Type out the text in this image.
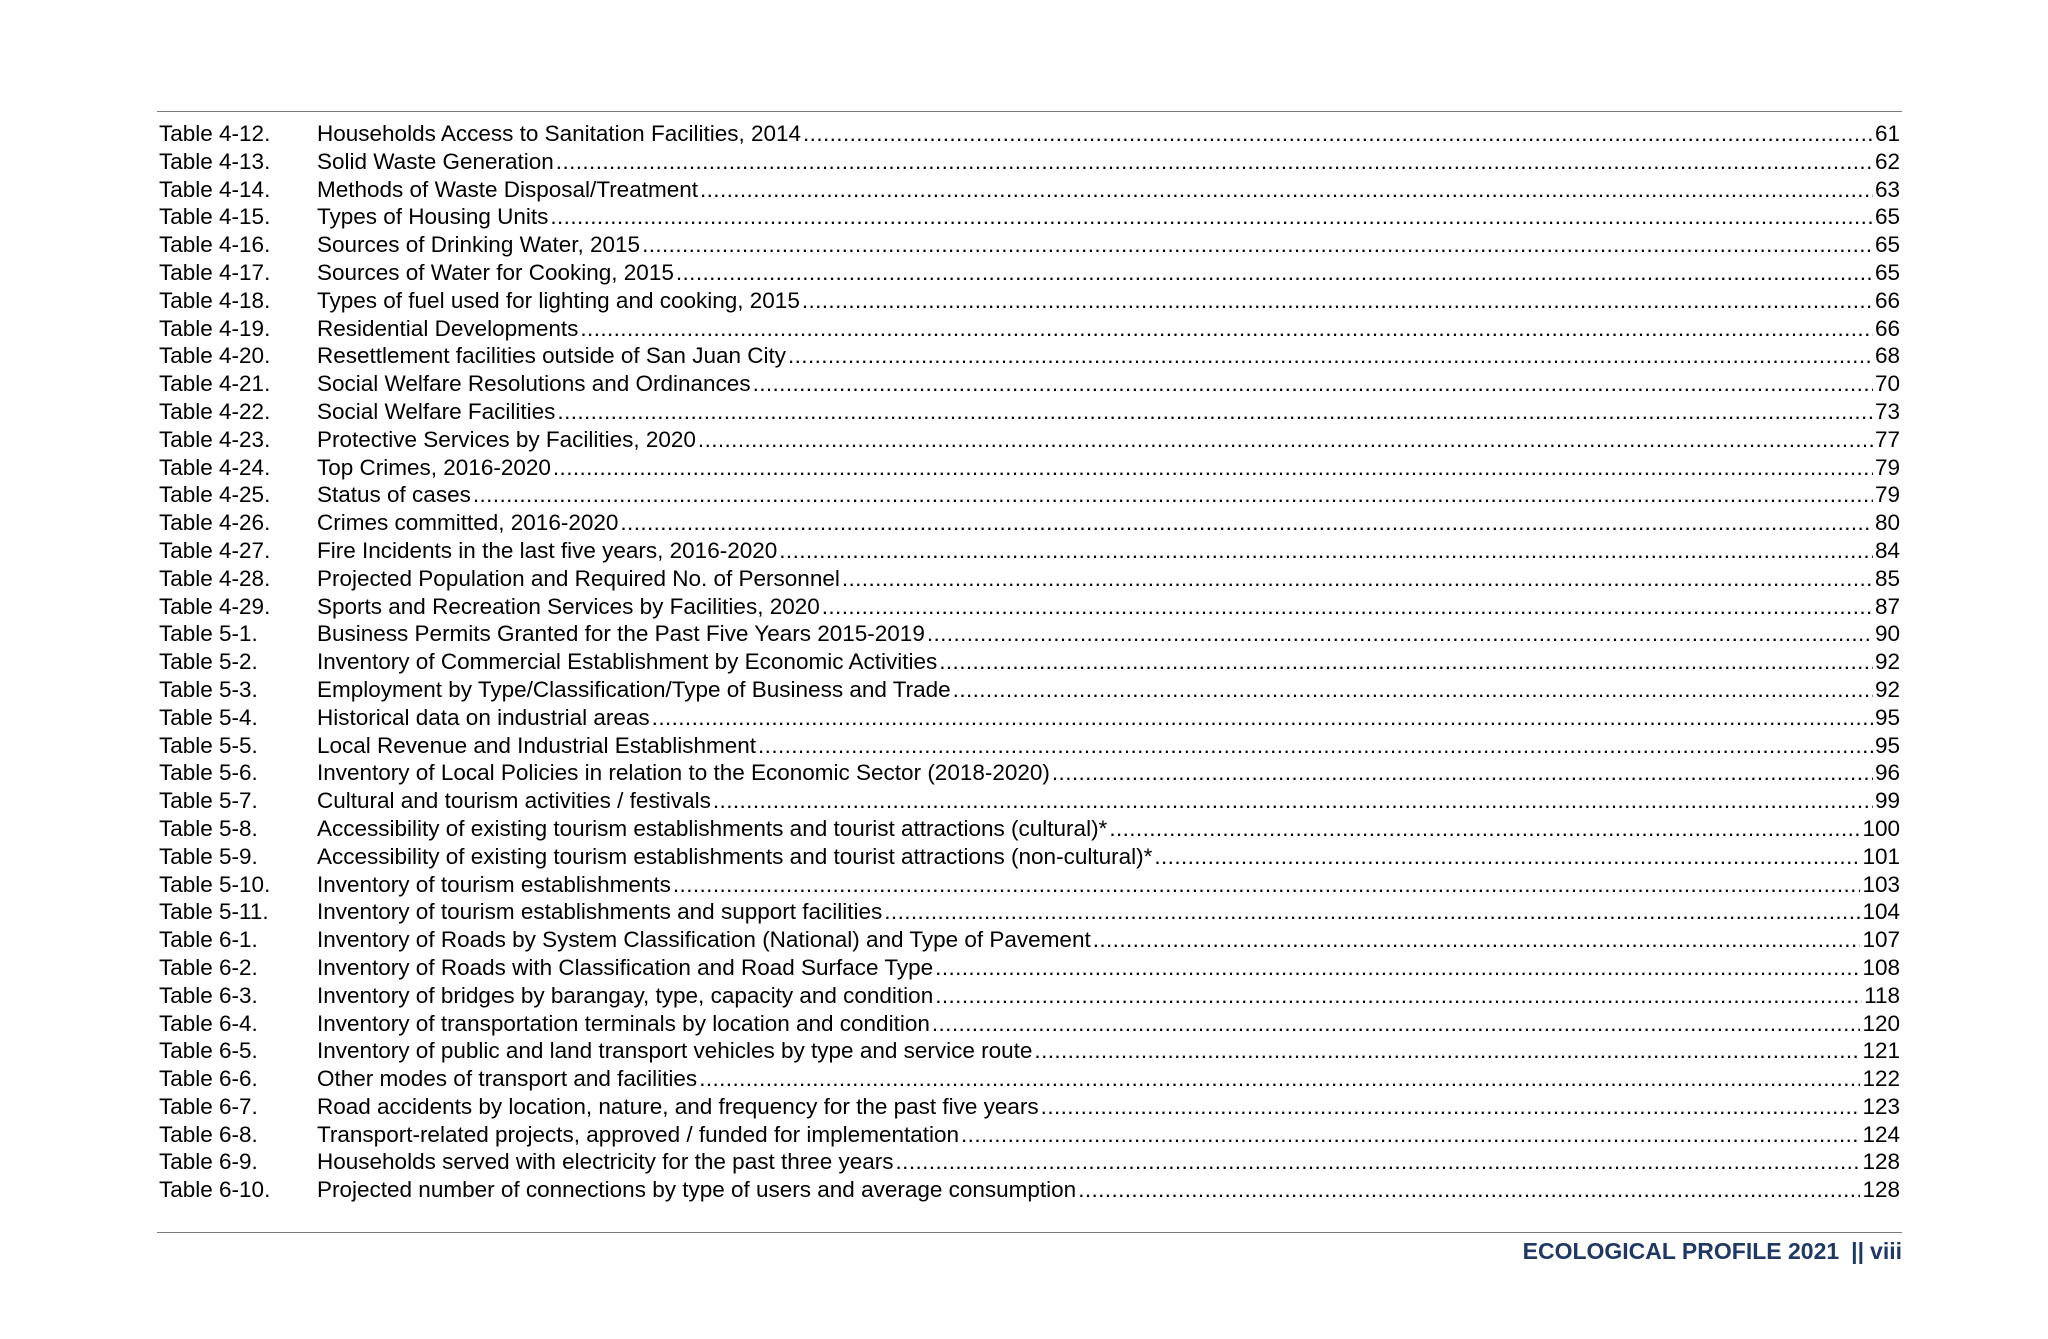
Table 4-12.	Households Access to Sanitation Facilities, 2014 .....	61
Table 4-13.	Solid Waste Generation .....	62
Table 4-14.	Methods of Waste Disposal/Treatment .....	63
Table 4-15.	Types of Housing Units .....	65
Table 4-16.	Sources of Drinking Water, 2015 .....	65
Table 4-17.	Sources of Water for Cooking, 2015 .....	65
Table 4-18.	Types of fuel used for lighting and cooking, 2015 .....	66
Table 4-19.	Residential Developments .....	66
Table 4-20.	Resettlement facilities outside of San Juan City .....	68
Table 4-21.	Social Welfare Resolutions and Ordinances .....	70
Table 4-22.	Social Welfare Facilities .....	73
Table 4-23.	Protective Services by Facilities, 2020 .....	77
Table 4-24.	Top Crimes, 2016-2020 .....	79
Table 4-25.	Status of cases .....	79
Table 4-26.	Crimes committed, 2016-2020 .....	80
Table 4-27.	Fire Incidents in the last five years, 2016-2020 .....	84
Table 4-28.	Projected Population and Required No. of Personnel .....	85
Table 4-29.	Sports and Recreation Services by Facilities, 2020 .....	87
Table 5-1.	Business Permits Granted for the Past Five Years 2015-2019 .....	90
Table 5-2.	Inventory of Commercial Establishment by Economic Activities .....	92
Table 5-3.	Employment by Type/Classification/Type of Business and Trade .....	92
Table 5-4.	Historical data on industrial areas .....	95
Table 5-5.	Local Revenue and Industrial Establishment .....	95
Table 5-6.	Inventory of Local Policies in relation to the Economic Sector (2018-2020) .....	96
Table 5-7.	Cultural and tourism activities / festivals .....	99
Table 5-8.	Accessibility of existing tourism establishments and tourist attractions (cultural)* .....	100
Table 5-9.	Accessibility of existing tourism establishments and tourist attractions (non-cultural)* .....	101
Table 5-10.	Inventory of tourism establishments .....	103
Table 5-11.	Inventory of tourism establishments and support facilities .....	104
Table 6-1.	Inventory of Roads by System Classification (National) and Type of Pavement .....	107
Table 6-2.	Inventory of Roads with Classification and Road Surface Type .....	108
Table 6-3.	Inventory of bridges by barangay, type, capacity and condition .....	118
Table 6-4.	Inventory of transportation terminals by location and condition .....	120
Table 6-5.	Inventory of public and land transport vehicles by type and service route .....	121
Table 6-6.	Other modes of transport and facilities .....	122
Table 6-7.	Road accidents by location, nature, and frequency for the past five years .....	123
Table 6-8.	Transport-related projects, approved / funded for implementation .....	124
Table 6-9.	Households served with electricity for the past three years .....	128
Table 6-10.	Projected number of connections by type of users and average consumption .....	128
ECOLOGICAL PROFILE 2021 || viii
